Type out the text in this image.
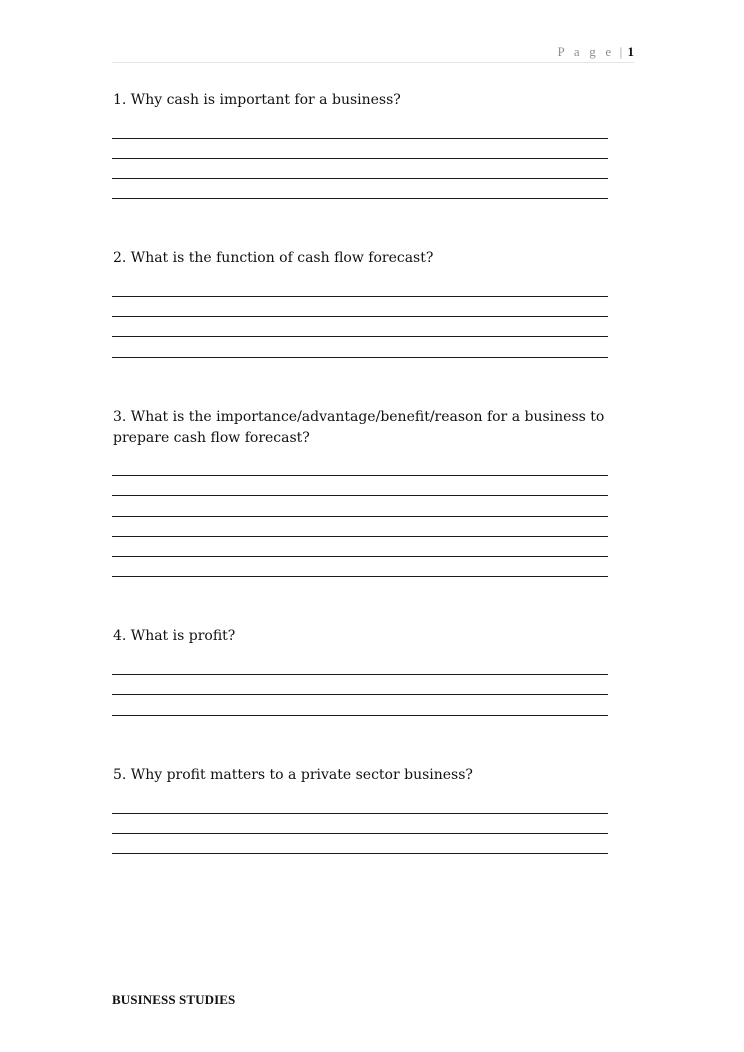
P a g e | 1

1. Why cash is important for a business?

2. What is the function of cash flow forecast?

3. What is the importance/advantage/benefit/reason for a business to prepare cash flow forecast?

4. What is profit?

5. Why profit matters to a private sector business?

BUSINESS STUDIES
